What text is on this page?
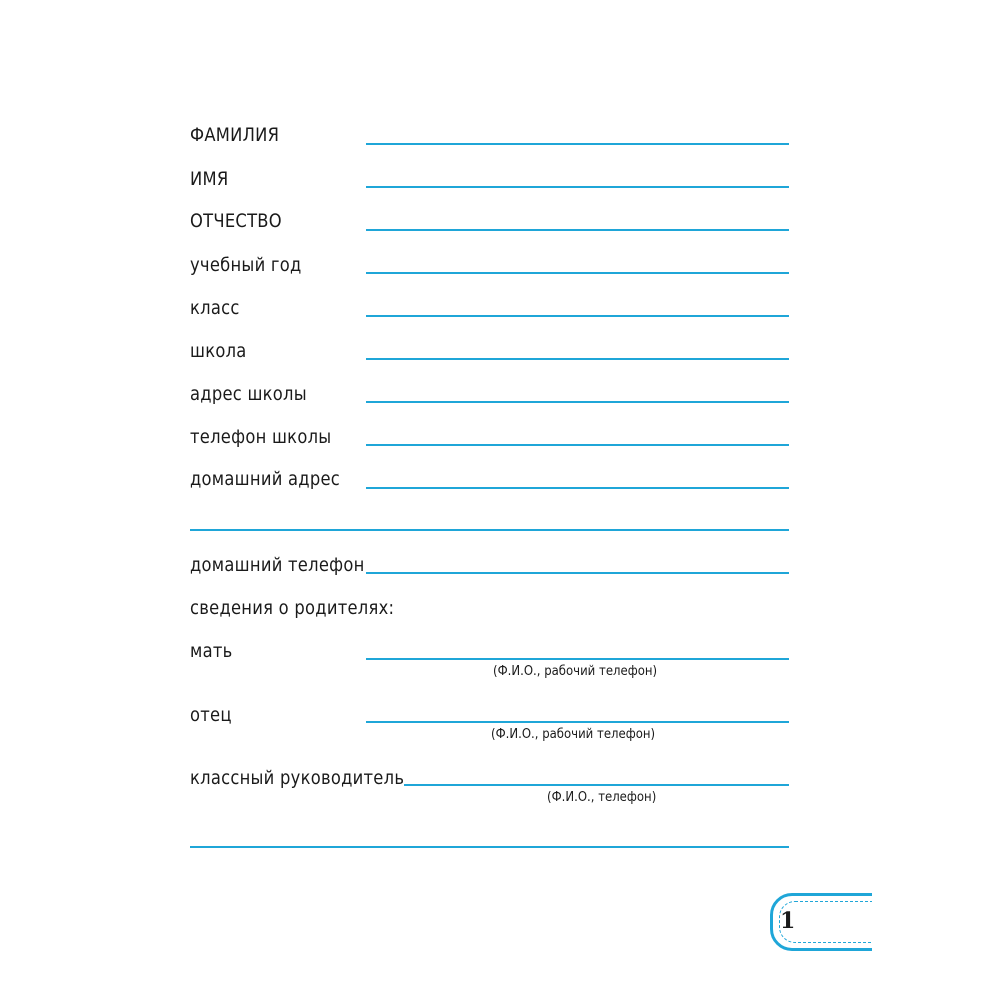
ФАМИЛИЯ
ИМЯ
ОТЧЕСТВО
учебный год
класс
школа
адрес школы
телефон школы
домашний адрес
домашний телефон
сведения о родителях:
мать
(Ф.И.О., рабочий телефон)
отец
(Ф.И.О., рабочий телефон)
классный руководитель
(Ф.И.О., телефон)
1
